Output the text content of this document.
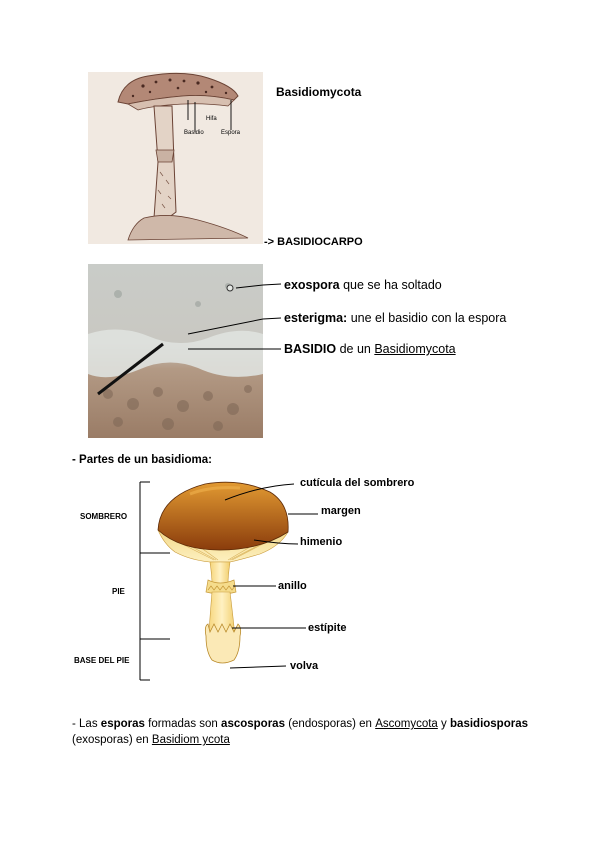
Hifa
Basidio	Espora
Basidiomycota
-> BASIDIOCARPO
exospora que se ha soltado
esterigma: une el basidio con la espora
BASIDIO de un Basidiomycota
- Partes de un basidioma:
SOMBRERO
PIE
BASE DEL PIE
cutícula del sombrero
margen
himenio
anillo
estípite
volva
- Las esporas formadas son ascosporas (endosporas) en Ascomycota y basidiosporas
(exosporas) en Basidiom ycota
